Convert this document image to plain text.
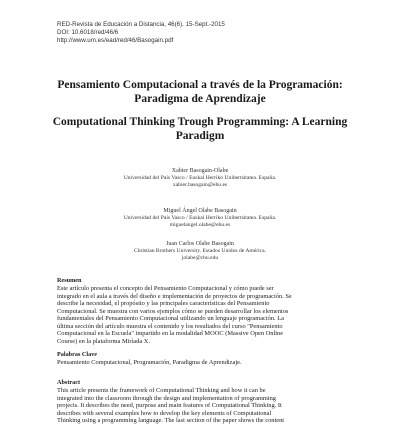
RED-Revista de Educación a Distancia, 46(6). 15-Sept.-2015
DOI: 10.6018/red/46/6
http://www.um.es/ead/red/46/Basogain.pdf
Pensamiento Computacional a través de la Programación:
Paradigma de Aprendizaje
Computational Thinking Trough Programming: A Learning
Paradigm
Xabier Basogain-Olabe
Universidad del País Vasco / Euskal Herriko Unibertsitatea. España.
xabier.basogain@ehu.es
Miguel Ángel Olabe Basogain
Universidad del País Vasco / Euskal Herriko Unibertsitatea. España.
miguelangel.olabe@ehu.es
Juan Carlos Olabe Basogain
Christian Brothers University. Estados Unidos de América.
jolabe@cbu.edu
Resumen
Este artículo presenta el concepto del Pensamiento Computacional y cómo puede ser
integrado en el aula a través del diseño e implementación de proyectos de programación. Se
describe la necesidad, el propósito y las principales características del Pensamiento
Computacional. Se muestra con varios ejemplos cómo se pueden desarrollar los elementos
fundamentales del Pensamiento Computacional utilizando un lenguaje programación. La
última sección del artículo muestra el contenido y los resultados del curso "Pensamiento
Computacional en la Escuela" impartido en la modalidad MOOC (Massive Open Online
Course) en la plataforma Miríada X.
Palabras Clave
Pensamiento Computacional, Programación, Paradigma de Aprendizaje.
Abstract
This article presents the framework of Computational Thinking and how it can be
integrated into the classroom through the design and implementation of programming
projects. It describes the need, purpose and main features of Computational Thinking. It
describes with several examples how to develop the key elements of Computational
Thinking using a programming language. The last section of the paper shows the content
